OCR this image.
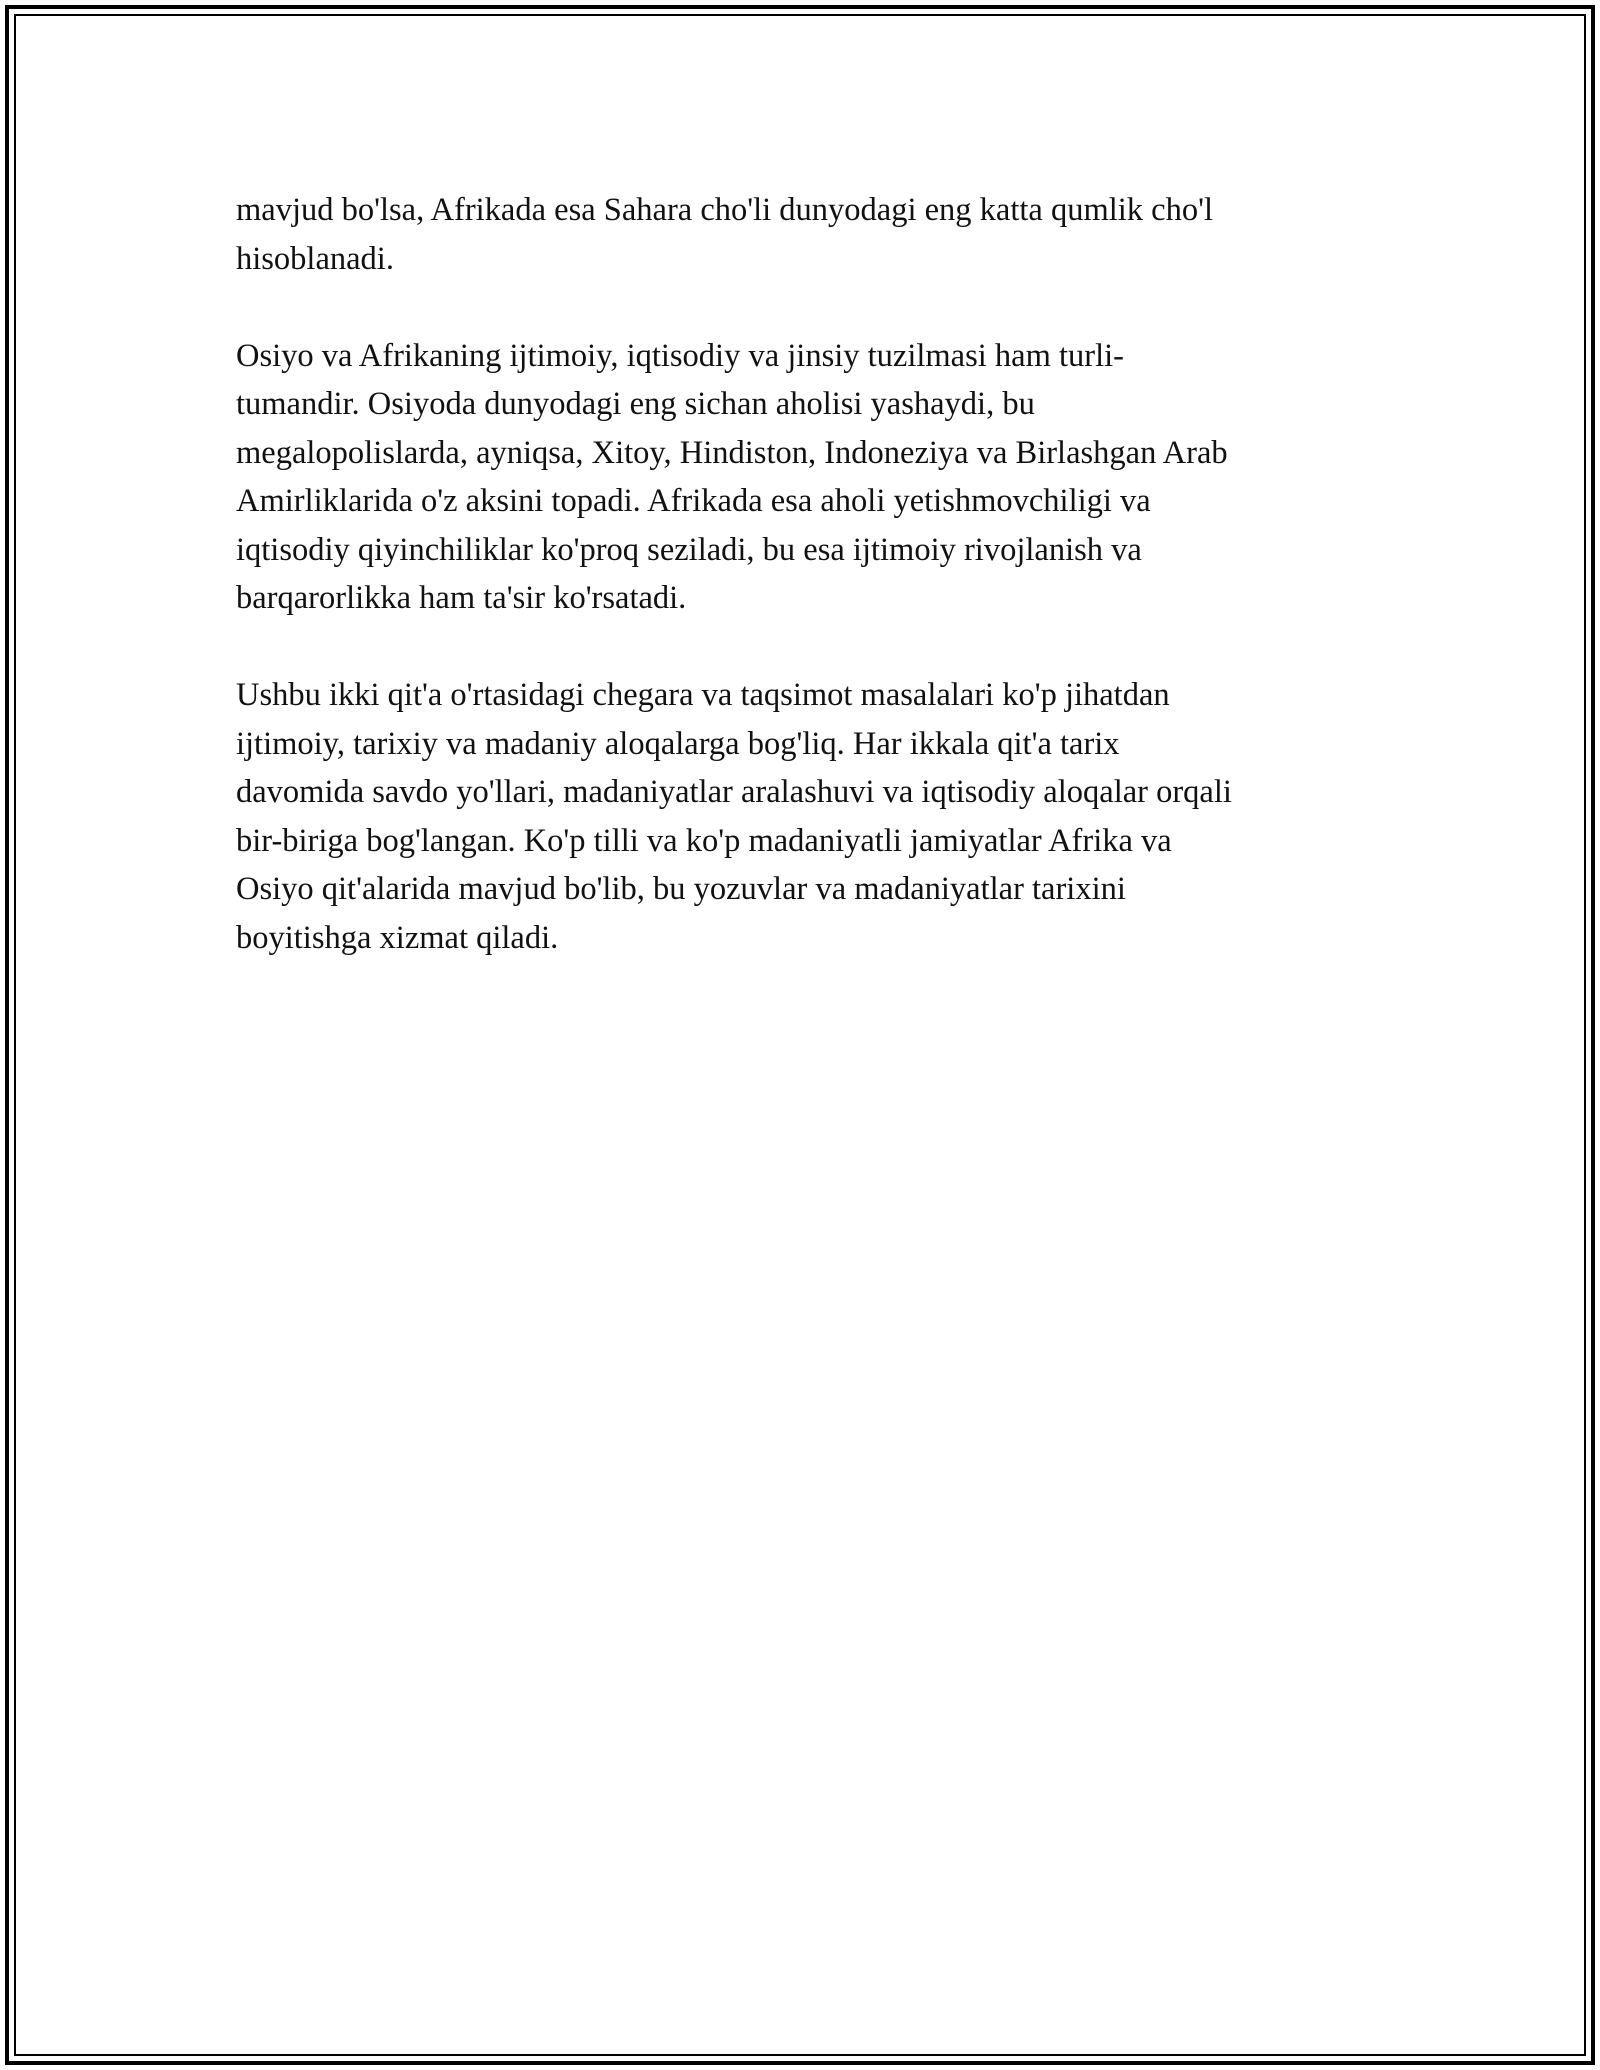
mavjud bo'lsa, Afrikada esa Sahara cho'li dunyodagi eng katta qumlik cho'l
hisoblanadi.

Osiyo va Afrikaning ijtimoiy, iqtisodiy va jinsiy tuzilmasi ham turli-
tumandir. Osiyoda dunyodagi eng sichan aholisi yashaydi, bu
megalopolislarda, ayniqsa, Xitoy, Hindiston, Indoneziya va Birlashgan Arab
Amirliklarida o'z aksini topadi. Afrikada esa aholi yetishmovchiligi va
iqtisodiy qiyinchiliklar ko'proq seziladi, bu esa ijtimoiy rivojlanish va
barqarorlikka ham ta'sir ko'rsatadi.

Ushbu ikki qit'a o'rtasidagi chegara va taqsimot masalalari ko'p jihatdan
ijtimoiy, tarixiy va madaniy aloqalarga bog'liq. Har ikkala qit'a tarix
davomida savdo yo'llari, madaniyatlar aralashuvi va iqtisodiy aloqalar orqali
bir-biriga bog'langan. Ko'p tilli va ko'p madaniyatli jamiyatlar Afrika va
Osiyo qit'alarida mavjud bo'lib, bu yozuvlar va madaniyatlar tarixini
boyitishga xizmat qiladi.
